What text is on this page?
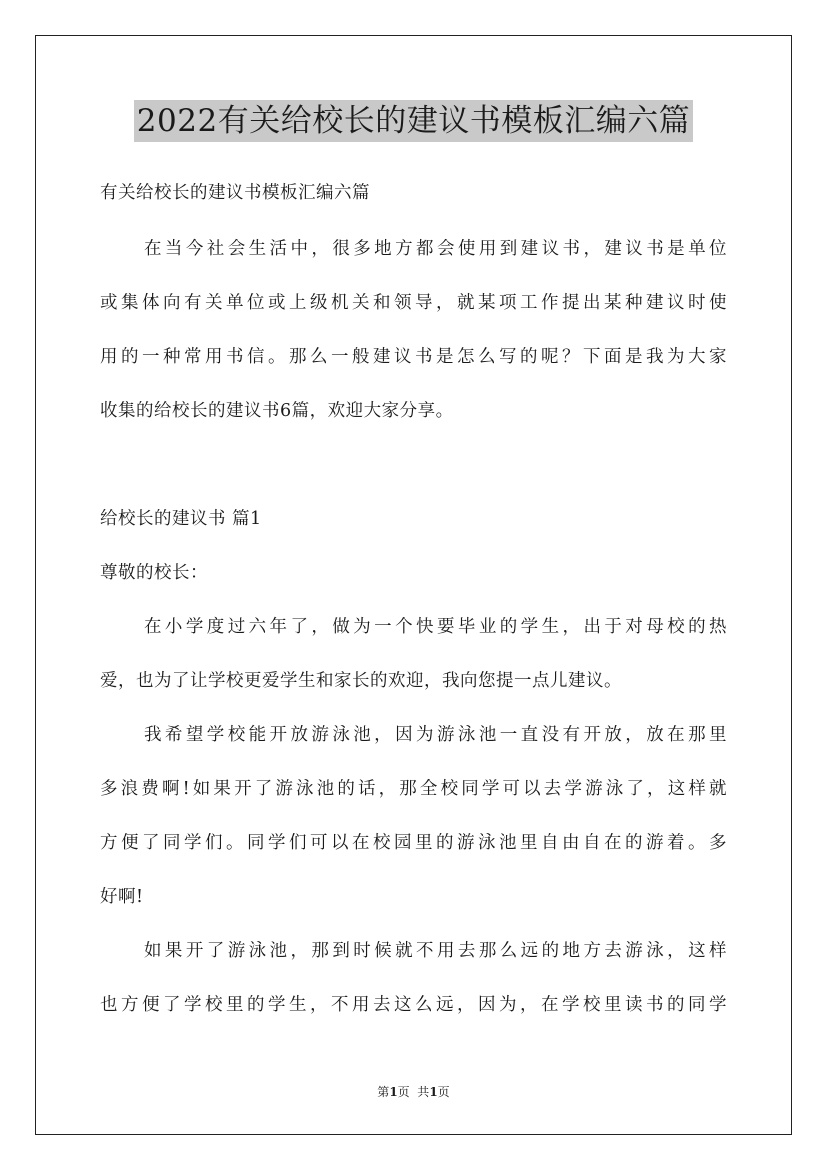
2022有关给校长的建议书模板汇编六篇
有关给校长的建议书模板汇编六篇
在当今社会生活中，很多地方都会使用到建议书，建议书是单位
或集体向有关单位或上级机关和领导，就某项工作提出某种建议时使
用的一种常用书信。那么一般建议书是怎么写的呢？下面是我为大家
收集的给校长的建议书6篇，欢迎大家分享。
给校长的建议书 篇1
尊敬的校长：
在小学度过六年了，做为一个快要毕业的学生，出于对母校的热
爱，也为了让学校更爱学生和家长的欢迎，我向您提一点儿建议。
我希望学校能开放游泳池，因为游泳池一直没有开放，放在那里
多浪费啊!如果开了游泳池的话，那全校同学可以去学游泳了，这样就
方便了同学们。同学们可以在校园里的游泳池里自由自在的游着。多
好啊!
如果开了游泳池，那到时候就不用去那么远的地方去游泳，这样
也方便了学校里的学生，不用去这么远，因为，在学校里读书的同学
第1页  共1页
